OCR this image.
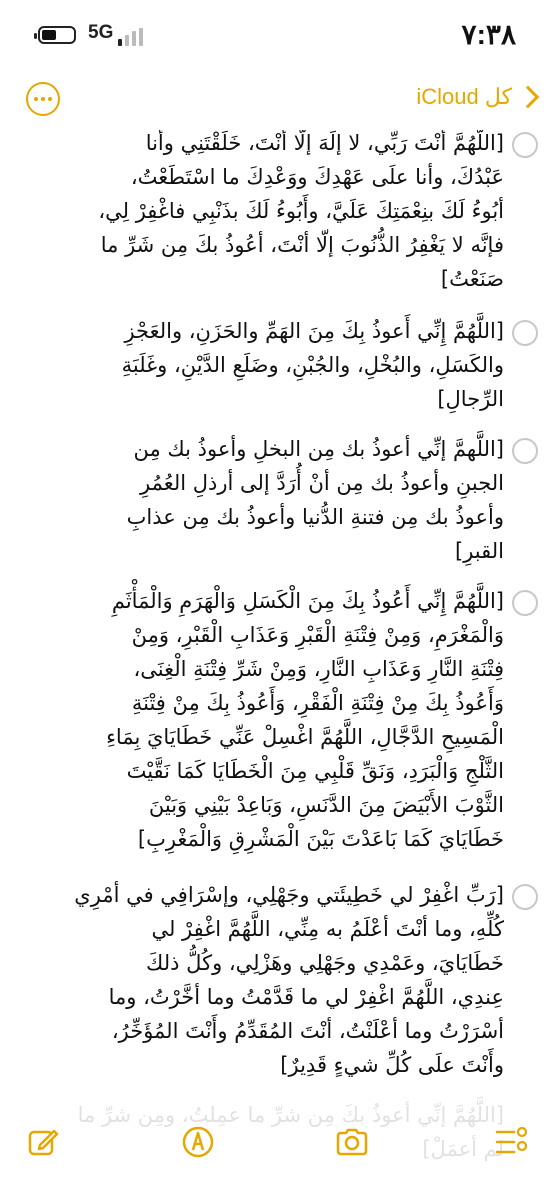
5G	٧:٣٨
كل iCloud
[اللّهُمَّ أنْتَ رَبِّي، لا إلَهَ إلّا أنْتَ، خَلَقْتَنِي وأنا
عَبْدُكَ، وأنا علَى عَهْدِكَ ووَعْدِكَ ما اسْتَطَعْتُ،
أبُوءُ لَكَ بنِعْمَتِكَ عَلَيَّ، وأَبُوءُ لَكَ بذَنْبِي فاغْفِرْ لِي،
فإنَّه لا يَغْفِرُ الذُّنُوبَ إلّا أنْتَ، أعُوذُ بكَ مِن شَرِّ ما
صَنَعْتُ]
[اللَّهُمَّ إِنِّي أَعوذُ بِكَ مِنَ الهَمِّ والحَزَنِ، والعَجْزِ
والكَسَلِ، والبُخْلِ، والجُبْنِ، وضَلَعِ الدَّيْنِ، وغَلَبَةِ
الرِّجالِ]
[اللَّهمَّ إنِّي أعوذُ بك مِن البخلِ وأعوذُ بك مِن
الجبنِ وأعوذُ بك مِن أنْ أُرَدَّ إلى أرذلِ العُمُرِ
وأعوذُ بك مِن فتنةِ الدُّنيا وأعوذُ بك مِن عذابِ
القبرِ]
[اللَّهُمَّ إِنِّي أَعُوذُ بِكَ مِنَ الْكَسَلِ وَالْهَرَمِ وَالْمَأْثَمِ
وَالْمَغْرَمِ، وَمِنْ فِتْنَةِ الْقَبْرِ وَعَذَابِ الْقَبْرِ، وَمِنْ
فِتْنَةِ النَّارِ وَعَذَابِ النَّارِ، وَمِنْ شَرِّ فِتْنَةِ الْغِنَى،
وَأَعُوذُ بِكَ مِنْ فِتْنَةِ الْفَقْرِ، وَأَعُوذُ بِكَ مِنْ فِتْنَةِ
الْمَسِيحِ الدَّجَّالِ، اللَّهُمَّ اغْسِلْ عَنِّي خَطَايَايَ بِمَاءِ
الثَّلْجِ وَالْبَرَدِ، وَنَقِّ قَلْبِي مِنَ الْخَطَايَا كَمَا نَقَّيْتَ
الثَّوْبَ الأَبْيَضَ مِنَ الدَّنَسِ، وَبَاعِدْ بَيْنِي وَبَيْنَ
خَطَايَايَ كَمَا بَاعَدْتَ بَيْنَ الْمَشْرِقِ وَالْمَغْرِبِ]
[رَبِّ اغْفِرْ لي خَطِيئَتي وجَهْلِي، وإسْرَافِي في أمْرِي
كُلِّهِ، وما أنْتَ أعْلَمُ به مِنِّي، اللَّهُمَّ اغْفِرْ لي
خَطَايَايَ، وعَمْدِي وجَهْلِي وهَزْلِي، وكُلُّ ذلكَ
عِندِي، اللَّهُمَّ اغْفِرْ لي ما قَدَّمْتُ وما أخَّرْتُ، وما
أسْرَرْتُ وما أعْلَنْتُ، أنْتَ المُقَدِّمُ وأَنْتَ المُؤَخِّرُ،
وأَنْتَ علَى كُلِّ شيءٍ قَدِيرٌ]
[اللَّهُمَّ إنِّي أعوذُ بكَ مِن شرِّ ما عمِلتُ، ومِن شرِّ ما
لم أعمَلْ]
